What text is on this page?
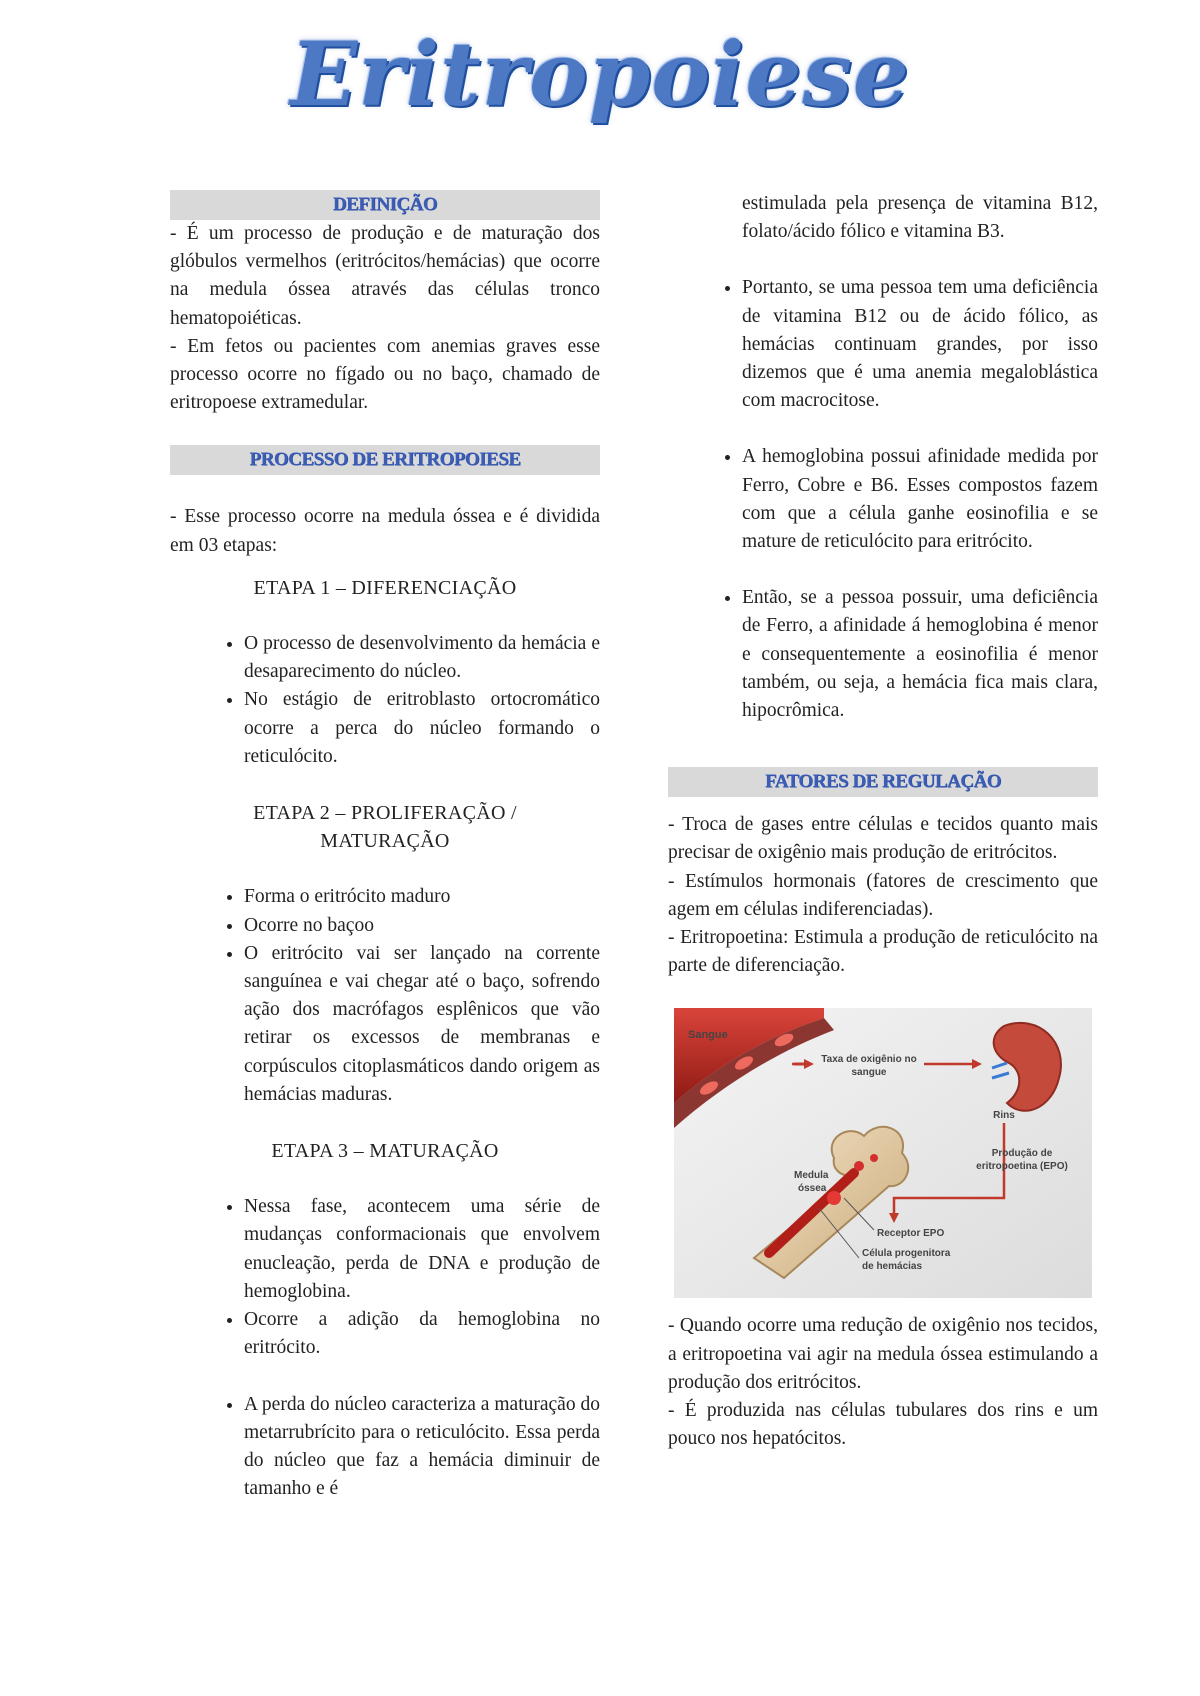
Eritropoiese
DEFINIÇÃO

- É um processo de produção e de maturação dos glóbulos vermelhos (eritrócitos/hemácias) que ocorre na medula óssea através das células tronco hematopoiéticas.

- Em fetos ou pacientes com anemias graves esse processo ocorre no fígado ou no baço, chamado de eritropoese extramedular.

PROCESSO DE ERITROPOIESE

- Esse processo ocorre na medula óssea e é dividida em 03 etapas:

ETAPA 1 – DIFERENCIAÇÃO

• O processo de desenvolvimento da hemácia e desaparecimento do núcleo.
• No estágio de eritroblasto ortocromático ocorre a perca do núcleo formando o reticulócito.

ETAPA 2 – PROLIFERAÇÃO /

MATURAÇÃO

• Forma o eritrócito maduro
• Ocorre no baçoo
• O eritrócito vai ser lançado na corrente sanguínea e vai chegar até o baço, sofrendo ação dos macrófagos esplênicos que vão retirar os excessos de membranas e corpúsculos citoplasmáticos dando origem as hemácias maduras.

ETAPA 3 – MATURAÇÃO

• Nessa fase, acontecem uma série de mudanças conformacionais que envolvem enucleação, perda de DNA e produção de hemoglobina.
• Ocorre a adição da hemoglobina no eritrócito.
• A perda do núcleo caracteriza a maturação do metarrubrícito para o reticulócito. Essa perda do núcleo que faz a hemácia diminuir de tamanho e é

estimulada pela presença de vitamina B12, folato/ácido fólico e vitamina B3.

• Portanto, se uma pessoa tem uma deficiência de vitamina B12 ou de ácido fólico, as hemácias continuam grandes, por isso dizemos que é uma anemia megaloblástica com macrocitose.
• A hemoglobina possui afinidade medida por Ferro, Cobre e B6. Esses compostos fazem com que a célula ganhe eosinofilia e se mature de reticulócito para eritrócito.
• Então, se a pessoa possuir, uma deficiência de Ferro, a afinidade á hemoglobina é menor e consequentemente a eosinofilia é menor também, ou seja, a hemácia fica mais clara, hipocrômica.
FATORES DE REGULAÇÃO

- Troca de gases entre células e tecidos quanto mais precisar de oxigênio mais produção de eritrócitos.

- Estímulos hormonais (fatores de crescimento que agem em células indiferenciadas).

- Eritropoetina: Estimula a produção de reticulócito na parte de diferenciação.

Sangue
Taxa de oxigênio no
sangue
Rins
Produção de
eritropoetina (EPO)
Medula
óssea
Receptor EPO
Célula progenitora
de hemácias

- Quando ocorre uma redução de oxigênio nos tecidos, a eritropoetina vai agir na medula óssea estimulando a produção dos eritrócitos.

- É produzida nas células tubulares dos rins e um pouco nos hepatócitos.
